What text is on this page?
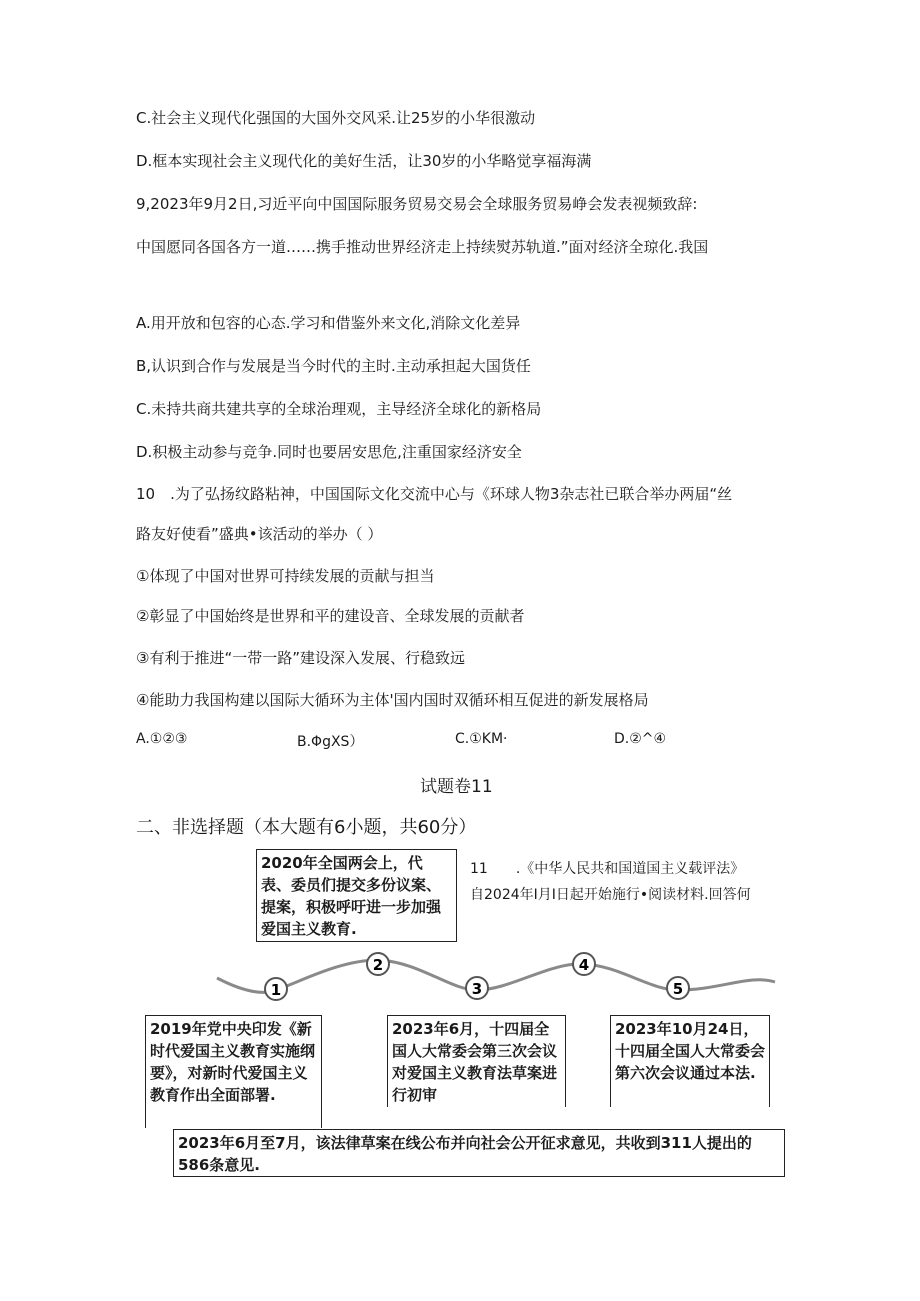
C.社会主义现代化强国的大国外交风采.让25岁的小华很激动
D.框本实现社会主义现代化的美好生活，让30岁的小华略觉享福海满
9,2023年9月2日,习近平向中国国际服务贸易交易会全球服务贸易峥会发表视频致辞:
中国愿同各国各方一道……携手推动世界经济走上持续熨苏轨道.”面对经济全琼化.我国
A.用开放和包容的心态.学习和借鉴外来文化,消除文化差异
B,认识到合作与发展是当今时代的主时.主动承担起大国货任
C.未持共商共建共享的全球治理观，主导经济全球化的新格局
D.积极主动参与竞争.同时也要居安思危,注重国家经济安全
10　.为了弘扬纹路粘神，中国国际文化交流中心与《环球人物3杂志社已联合举办两届“丝
路友好使看”盛典•该活动的举办（ ）
①体现了中国对世界可持续发展的贡献与担当
②彰显了中国始终是世界和平的建设音、全球发展的贡献者
③有利于推进“一带一路”建设深入发展、行稳致远
④能助力我国构建以国际大循环为主体'国内国时双循环相互促进的新发展格局
A.①②③	B.ΦgXS）	C.①KM·	D.②^④
试题卷11
二、非选择题（本大题有6小题，共60分）
2020年全国两会上，代表、委员们提交多份议案、提案，积极呼吁进一步加强爱国主义教育.
11　　.《中华人民共和国道国主义载评法》
自2024年I月I日起开始施行•阅读材料.回答何
1
2
3
4
5
2019年党中央印发《新时代爱国主义教育实施纲要》，对新时代爱国主义教育作出全面部署.
2023年6月，十四届全国人大常委会第三次会议对爱国主义教育法草案进行初审
2023年10月24日，十四届全国人大常委会第六次会议通过本法.
2023年6月至7月，该法律草案在线公布并向社会公开征求意见，共收到311人提出的586条意见.
